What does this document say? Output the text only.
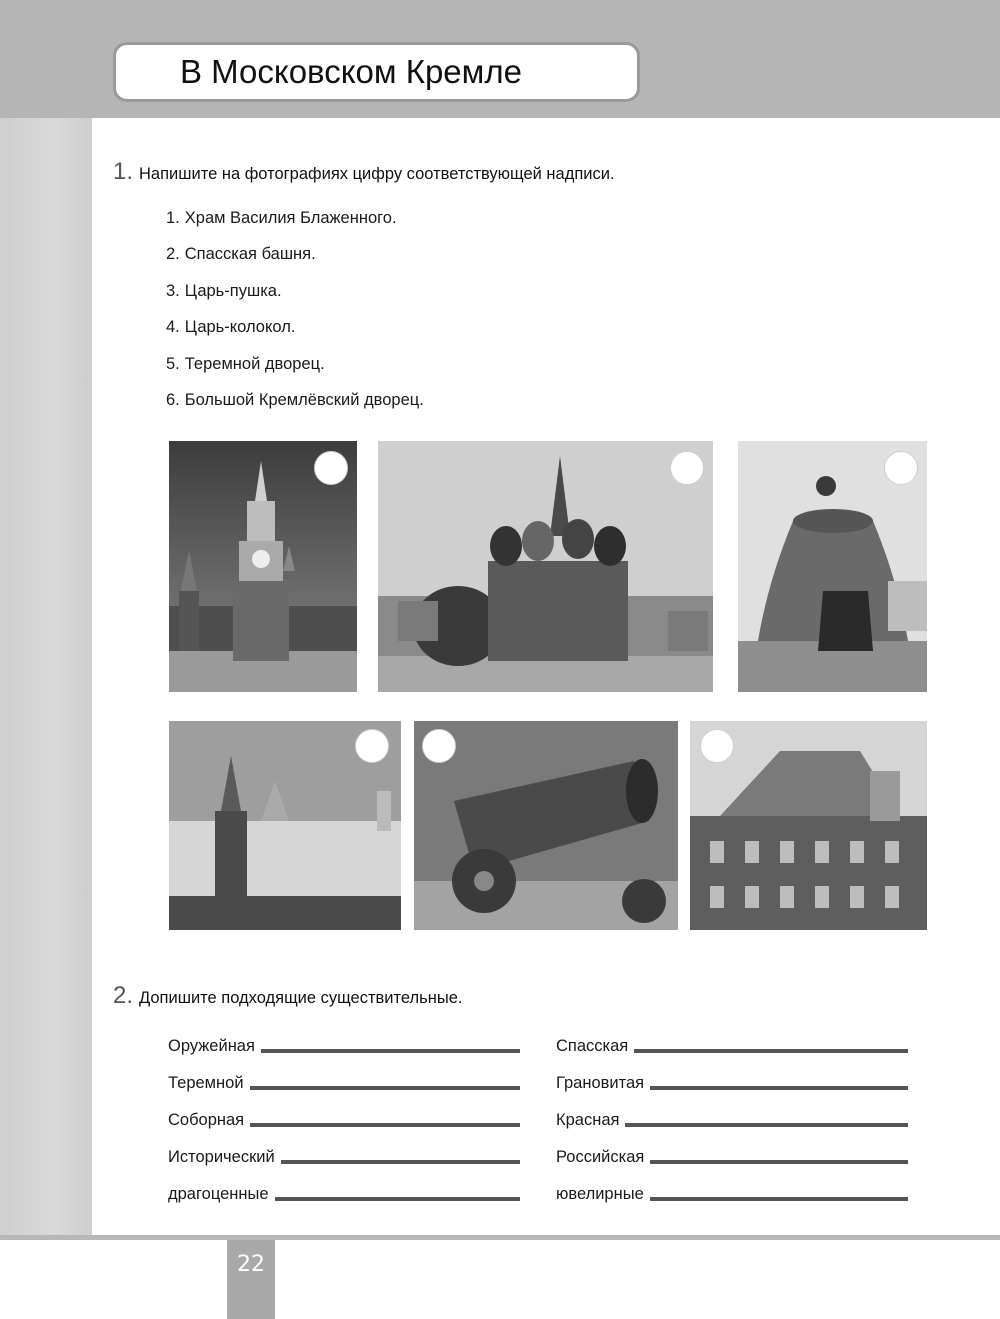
В Московском Кремле
1. Напишите на фотографиях цифру соответствующей надписи.
1. Храм Василия Блаженного.
2. Спасская башня.
3. Царь-пушка.
4. Царь-колокол.
5. Теремной дворец.
6. Большой Кремлёвский дворец.
2. Допишите подходящие существительные.
Оружейная
Теремной
Соборная
Исторический
драгоценные
Спасская
Грановитая
Красная
Российская
ювелирные
22
